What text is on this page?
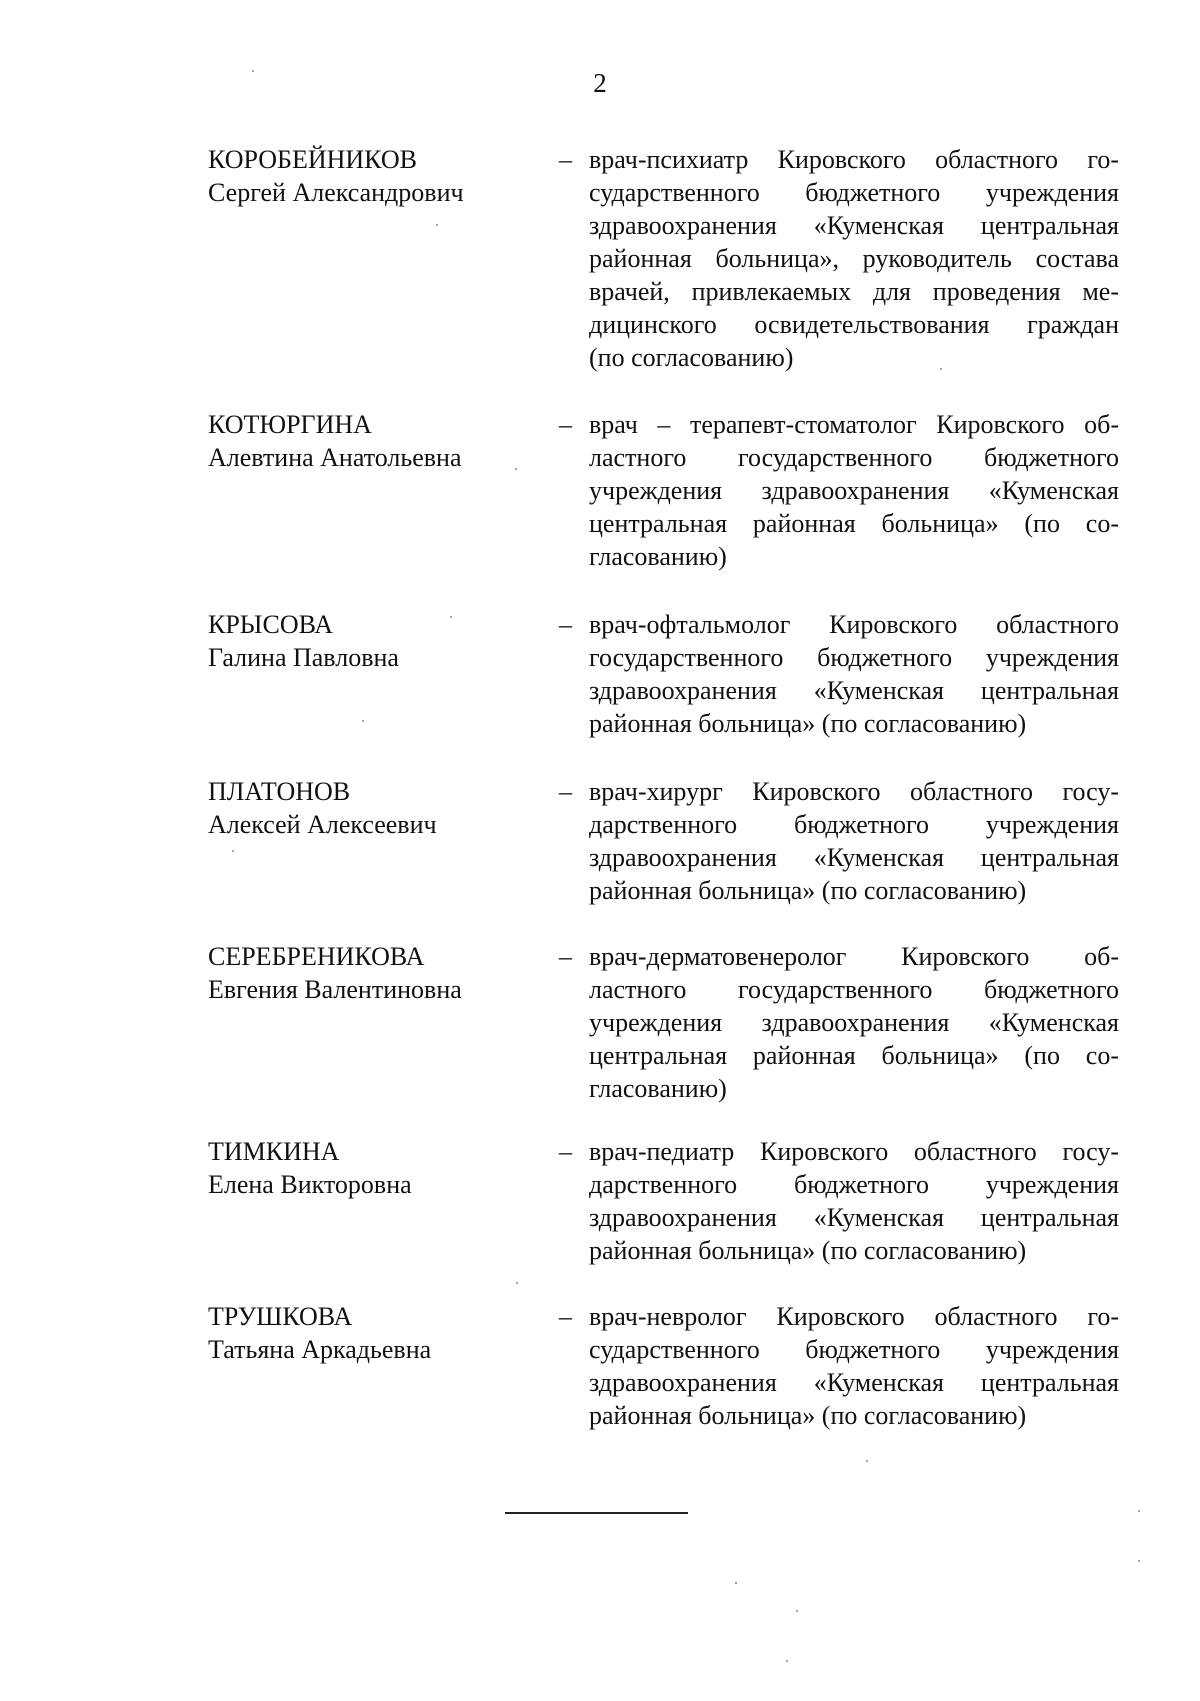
2
КОРОБЕЙНИКОВ
Сергей Александрович
– врач-психиатр Кировского областного го-
сударственного бюджетного учреждения
здравоохранения «Куменская центральная
районная больница», руководитель состава
врачей, привлекаемых для проведения ме-
дицинского освидетельствования граждан
(по согласованию)
КОТЮРГИНА
Алевтина Анатольевна
– врач – терапевт-стоматолог Кировского об-
ластного государственного бюджетного
учреждения здравоохранения «Куменская
центральная районная больница» (по со-
гласованию)
КРЫСОВА
Галина Павловна
– врач-офтальмолог Кировского областного
государственного бюджетного учреждения
здравоохранения «Куменская центральная
районная больница» (по согласованию)
ПЛАТОНОВ
Алексей Алексеевич
– врач-хирург Кировского областного госу-
дарственного бюджетного учреждения
здравоохранения «Куменская центральная
районная больница» (по согласованию)
СЕРЕБРЕНИКОВА
Евгения Валентиновна
– врач-дерматовенеролог Кировского об-
ластного государственного бюджетного
учреждения здравоохранения «Куменская
центральная районная больница» (по со-
гласованию)
ТИМКИНА
Елена Викторовна
– врач-педиатр Кировского областного госу-
дарственного бюджетного учреждения
здравоохранения «Куменская центральная
районная больница» (по согласованию)
ТРУШКОВА
Татьяна Аркадьевна
– врач-невролог Кировского областного го-
сударственного бюджетного учреждения
здравоохранения «Куменская центральная
районная больница» (по согласованию)
